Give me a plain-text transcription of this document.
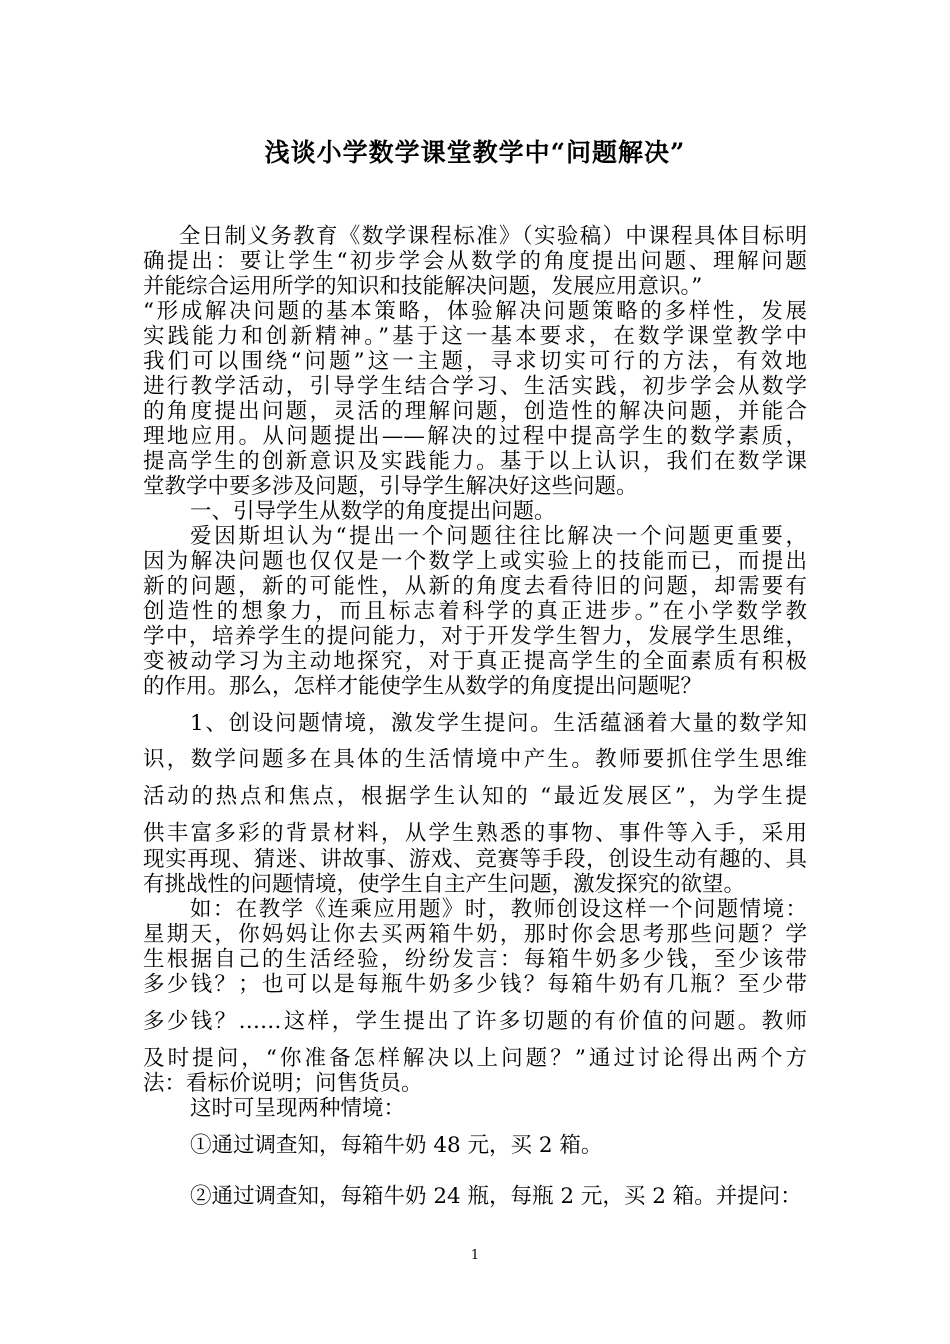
浅谈小学数学课堂教学中“问题解决”
　全日制义务教育《数学课程标准》（实验稿）中课程具体目标明
确提出：要让学生“初步学会从数学的角度提出问题、理解问题
并能综合运用所学的知识和技能解决问题，发展应用意识。”
“形成解决问题的基本策略，体验解决问题策略的多样性，发展
实践能力和创新精神。”基于这一基本要求，在数学课堂教学中
我们可以围绕“问题”这一主题，寻求切实可行的方法，有效地
进行教学活动，引导学生结合学习、生活实践，初步学会从数学
的角度提出问题，灵活的理解问题，创造性的解决问题，并能合
理地应用。从问题提出——解决的过程中提高学生的数学素质，
提高学生的创新意识及实践能力。基于以上认识，我们在数学课
堂教学中要多涉及问题，引导学生解决好这些问题。
一、引导学生从数学的角度提出问题。
爱因斯坦认为“提出一个问题往往比解决一个问题更重要，
因为解决问题也仅仅是一个数学上或实验上的技能而已，而提出
新的问题，新的可能性，从新的角度去看待旧的问题，却需要有
创造性的想象力，而且标志着科学的真正进步。”在小学数学教
学中，培养学生的提问能力，对于开发学生智力，发展学生思维，
变被动学习为主动地探究，对于真正提高学生的全面素质有积极
的作用。那么，怎样才能使学生从数学的角度提出问题呢？
1、创设问题情境，激发学生提问。生活蕴涵着大量的数学知
识，数学问题多在具体的生活情境中产生。教师要抓住学生思维
活动的热点和焦点，根据学生认知的 “最近发展区”，为学生提
供丰富多彩的背景材料，从学生熟悉的事物、事件等入手，采用
现实再现、猜迷、讲故事、游戏、竞赛等手段，创设生动有趣的、具
有挑战性的问题情境，使学生自主产生问题，激发探究的欲望。
如：在教学《连乘应用题》时，教师创设这样一个问题情境：
星期天，你妈妈让你去买两箱牛奶，那时你会思考那些问题？学
生根据自己的生活经验，纷纷发言：每箱牛奶多少钱，至少该带
多少钱？；也可以是每瓶牛奶多少钱？每箱牛奶有几瓶？至少带
多少钱？……这样，学生提出了许多切题的有价值的问题。教师
及时提问，“你准备怎样解决以上问题？”通过讨论得出两个方
法：看标价说明；问售货员。
这时可呈现两种情境：
①通过调查知，每箱牛奶 48 元，买 2 箱。
②通过调查知，每箱牛奶 24 瓶，每瓶 2 元，买 2 箱。并提问：
1
